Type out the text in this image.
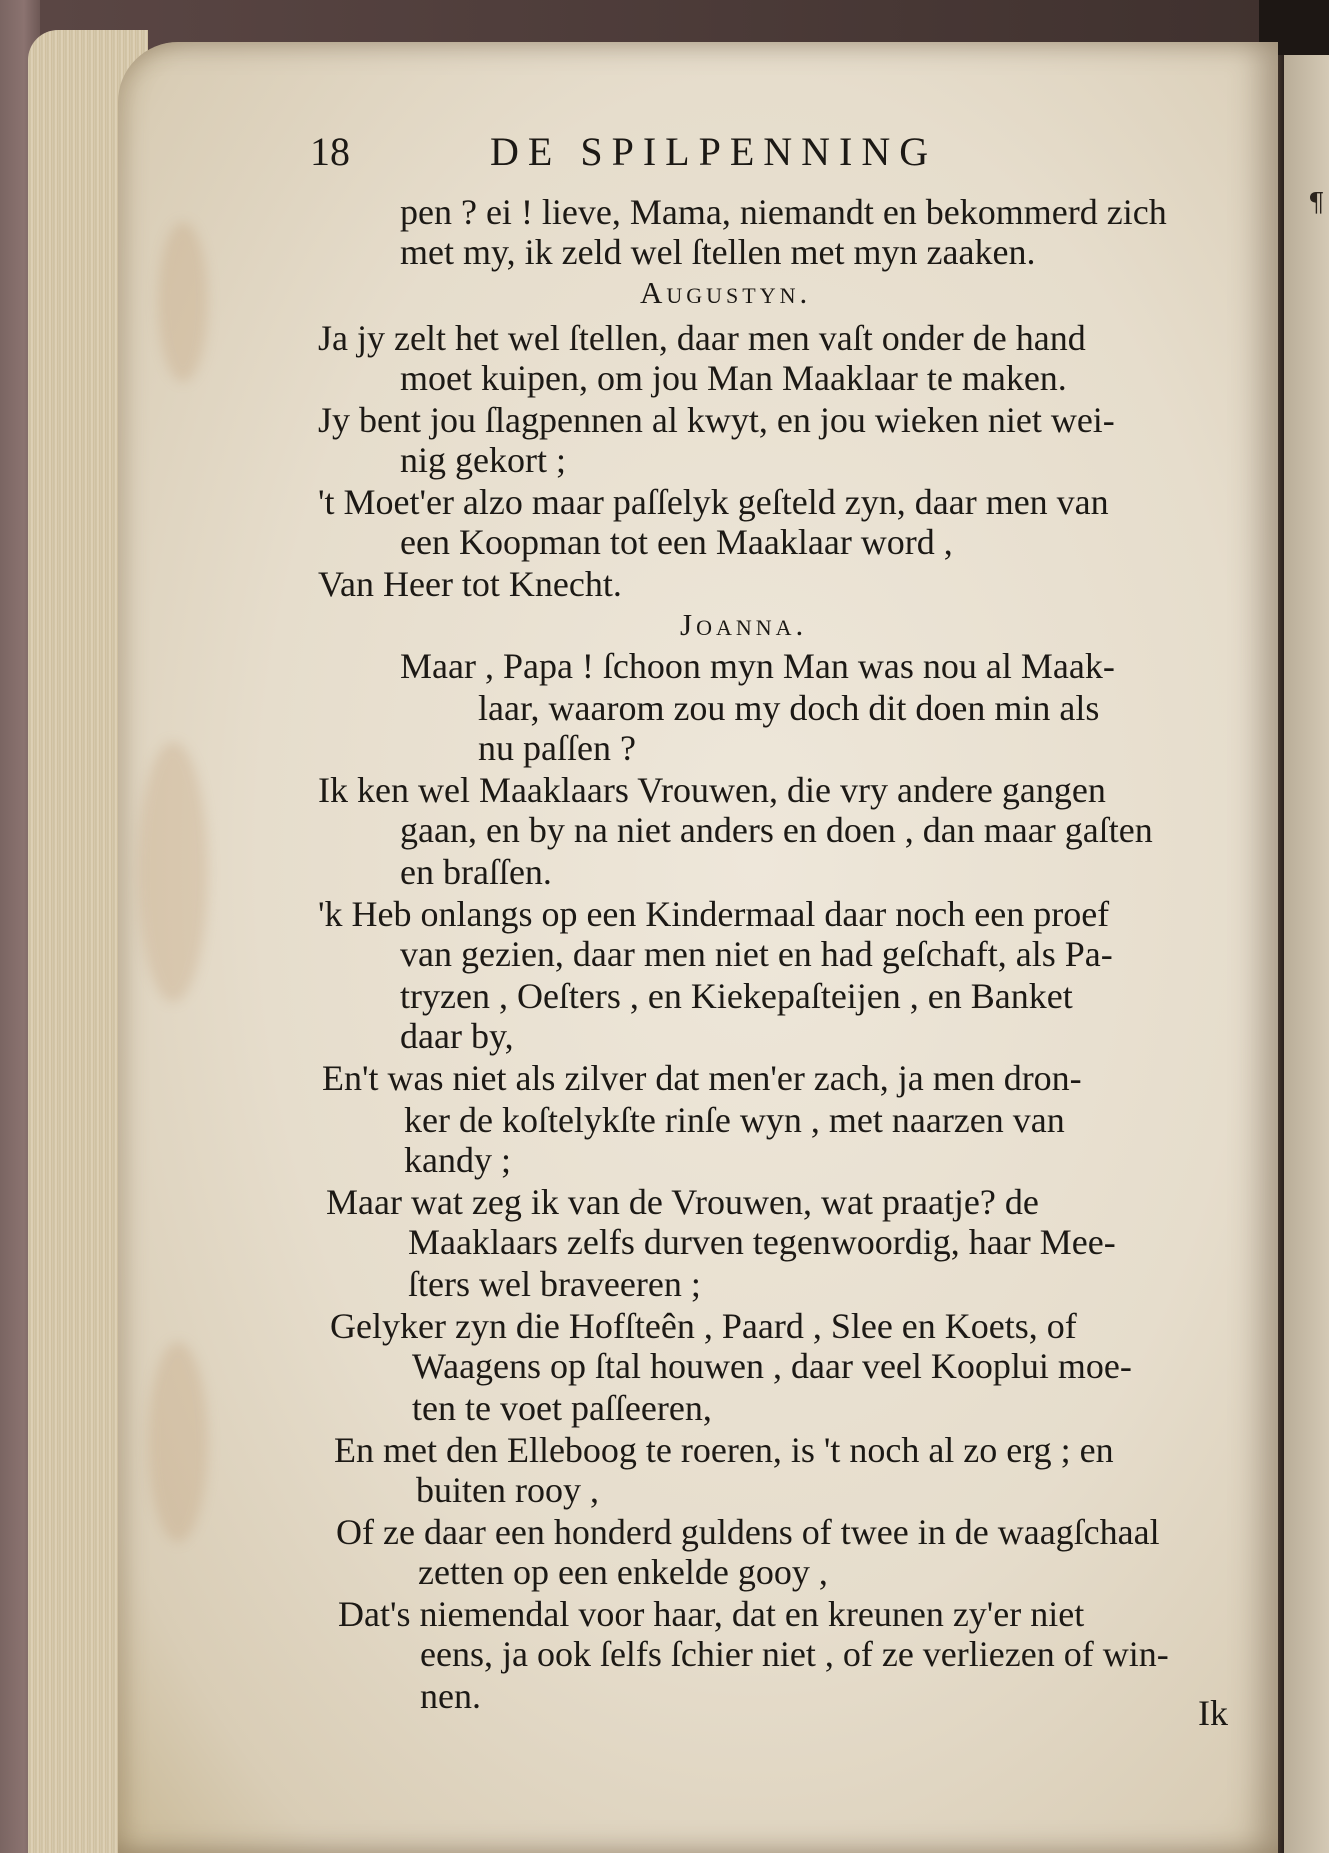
¶
18	DE SPILPENNING
pen ? ei ! lieve, Mama, niemandt en bekommerd zich
met my, ik zeld wel ſtellen met myn zaaken.
Augustyn.
Ja jy zelt het wel ſtellen, daar men vaſt onder de hand
moet kuipen, om jou Man Maaklaar te maken.
Jy bent jou ſlagpennen al kwyt, en jou wieken niet wei-
nig gekort ;
't Moet'er alzo maar paſſelyk geſteld zyn, daar men van
een Koopman tot een Maaklaar word ,
Van Heer tot Knecht.
Joanna.
Maar , Papa ! ſchoon myn Man was nou al Maak-
laar, waarom zou my doch dit doen min als
nu paſſen ?
Ik ken wel Maaklaars Vrouwen, die vry andere gangen
gaan, en by na niet anders en doen , dan maar gaſten
en braſſen.
'k Heb onlangs op een Kindermaal daar noch een proef
van gezien, daar men niet en had geſchaft, als Pa-
tryzen , Oeſters , en Kiekepaſteijen , en Banket
daar by,
En't was niet als zilver dat men'er zach, ja men dron-
ker de koſtelykſte rinſe wyn , met naarzen van
kandy ;
Maar wat zeg ik van de Vrouwen, wat praatje? de
Maaklaars zelfs durven tegenwoordig, haar Mee-
ſters wel braveeren ;
Gelyker zyn die Hofſteên , Paard , Slee en Koets, of
Waagens op ſtal houwen , daar veel Kooplui moe-
ten te voet paſſeeren,
En met den Elleboog te roeren, is 't noch al zo erg ; en
buiten rooy ,
Of ze daar een honderd guldens of twee in de waagſchaal
zetten op een enkelde gooy ,
Dat's niemendal voor haar, dat en kreunen zy'er niet
eens, ja ook ſelfs ſchier niet , of ze verliezen of win-
nen.	Ik
